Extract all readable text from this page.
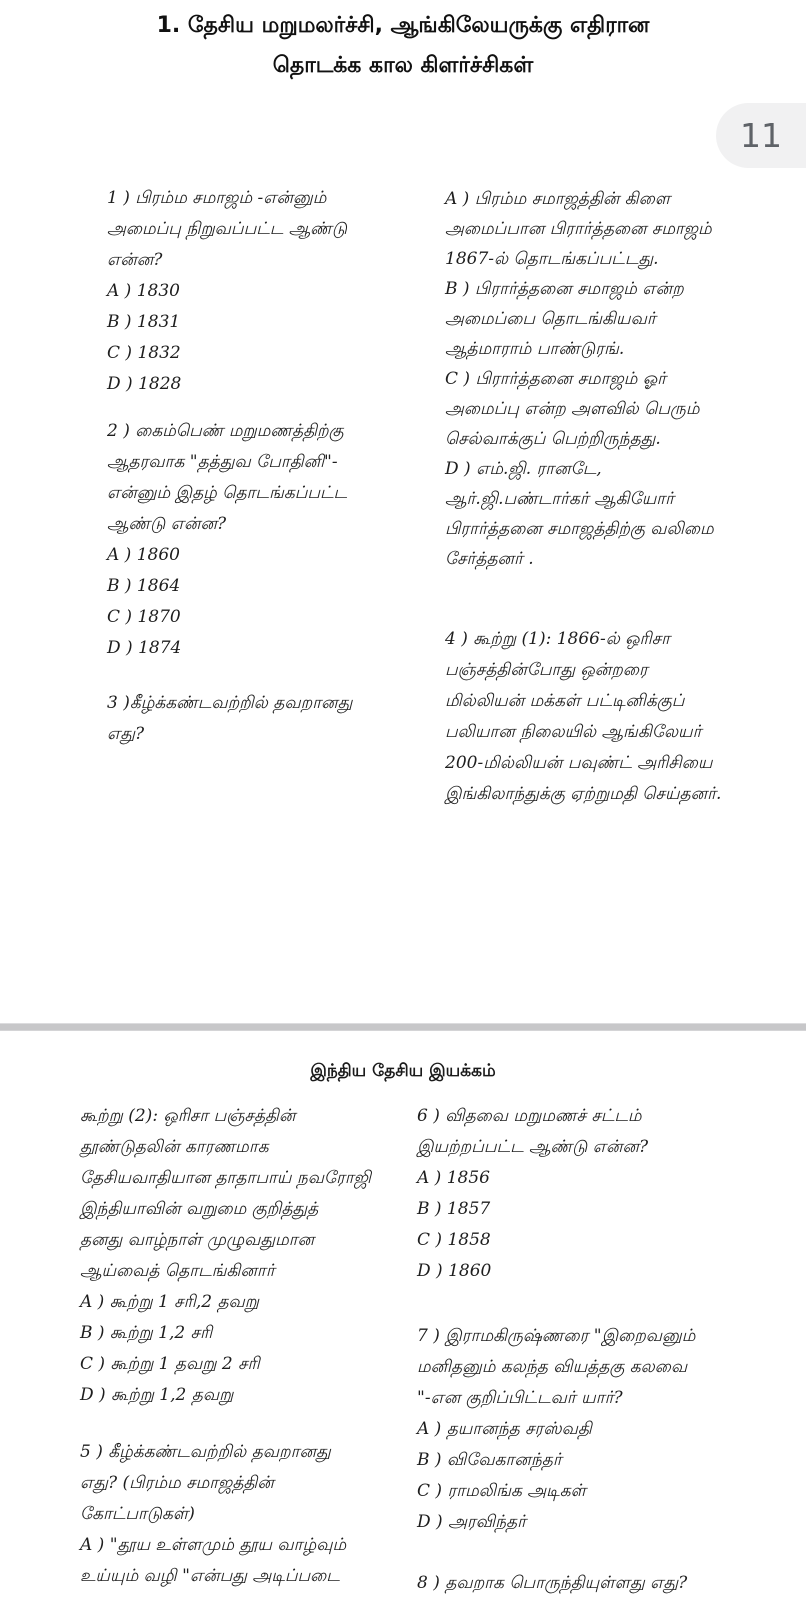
1. தேசிய மறுமலர்ச்சி, ஆங்கிலேயருக்கு எதிரான
தொடக்க கால கிளர்ச்சிகள்
11
1 ) பிரம்ம சமாஜம் -என்னும்
அமைப்பு நிறுவப்பட்ட ஆண்டு
என்ன?
A ) 1830
B ) 1831
C ) 1832
D ) 1828
2 ) கைம்பெண் மறுமணத்திற்கு
ஆதரவாக "தத்துவ போதினி"-
என்னும் இதழ் தொடங்கப்பட்ட
ஆண்டு என்ன?
A ) 1860
B ) 1864
C ) 1870
D ) 1874
3 )கீழ்க்கண்டவற்றில் தவறானது
எது?
A ) பிரம்ம சமாஜத்தின் கிளை
அமைப்பான பிரார்த்தனை சமாஜம்
1867-ல் தொடங்கப்பட்டது.
B ) பிரார்த்தனை சமாஜம் என்ற
அமைப்பை தொடங்கியவர்
ஆத்மாராம் பாண்டுரங்.
C ) பிரார்த்தனை சமாஜம் ஓர்
அமைப்பு என்ற அளவில் பெரும்
செல்வாக்குப் பெற்றிருந்தது.
D ) எம்.ஜி. ரானடே,
ஆர்.ஜி.பண்டார்கர் ஆகியோர்
பிரார்த்தனை சமாஜத்திற்கு வலிமை
சேர்த்தனர் .
4 ) கூற்று (1): 1866-ல் ஒரிசா
பஞ்சத்தின்போது ஒன்றரை
மில்லியன் மக்கள் பட்டினிக்குப்
பலியான நிலையில் ஆங்கிலேயர்
200-மில்லியன் பவுண்ட் அரிசியை
இங்கிலாந்துக்கு ஏற்றுமதி செய்தனர்.
இந்திய தேசிய இயக்கம்
கூற்று (2): ஒரிசா பஞ்சத்தின்
தூண்டுதலின் காரணமாக
தேசியவாதியான தாதாபாய் நவரோஜி
இந்தியாவின் வறுமை குறித்துத்
தனது வாழ்நாள் முழுவதுமான
ஆய்வைத் தொடங்கினார்
A ) கூற்று 1 சரி,2 தவறு
B ) கூற்று 1,2 சரி
C ) கூற்று 1 தவறு 2 சரி
D ) கூற்று 1,2 தவறு
5 ) கீழ்க்கண்டவற்றில் தவறானது
எது? (பிரம்ம சமாஜத்தின்
கோட்பாடுகள்)
A ) "தூய உள்ளமும் தூய வாழ்வும்
உய்யும் வழி "என்பது அடிப்படை
6 ) விதவை மறுமணச் சட்டம்
இயற்றப்பட்ட ஆண்டு என்ன?
A ) 1856
B ) 1857
C ) 1858
D ) 1860
7 ) இராமகிருஷ்ணரை "இறைவனும்
மனிதனும் கலந்த வியத்தகு கலவை
"-என குறிப்பிட்டவர் யார்?
A ) தயானந்த சரஸ்வதி
B ) விவேகானந்தர்
C ) ராமலிங்க அடிகள்
D ) அரவிந்தர்
8 ) தவறாக பொருந்தியுள்ளது எது?
